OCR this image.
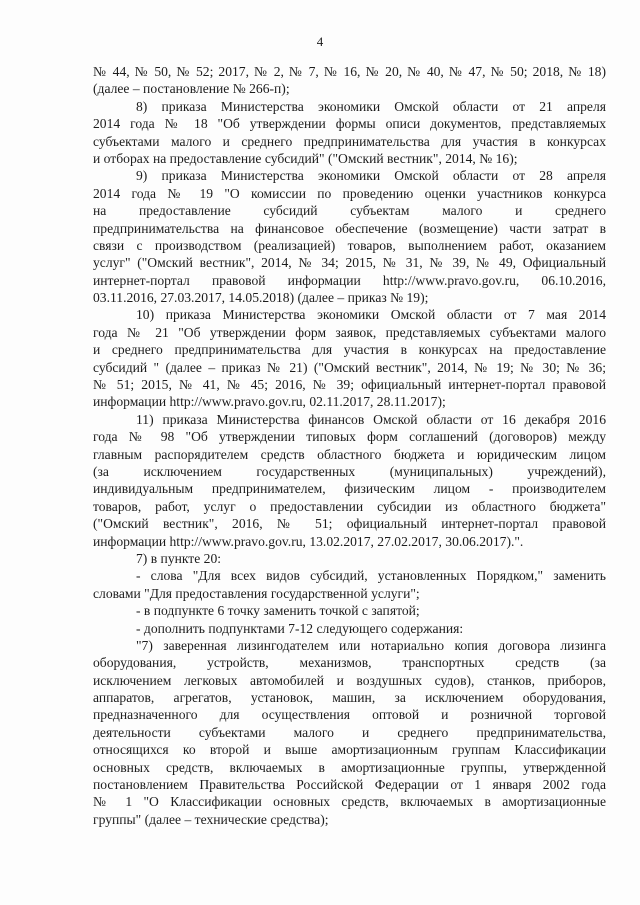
4
№ 44, № 50, № 52; 2017, № 2, № 7, № 16, № 20, № 40, № 47, № 50; 2018, № 18)
(далее – постановление № 266-п);
8) приказа Министерства экономики Омской области от 21 апреля
2014 года № 18 "Об утверждении формы описи документов, представляемых
субъектами малого и среднего предпринимательства для участия в конкурсах
и отборах на предоставление субсидий" ("Омский вестник", 2014, № 16);
9) приказа Министерства экономики Омской области от 28 апреля
2014 года № 19 "О комиссии по проведению оценки участников конкурса
на предоставление субсидий субъектам малого и среднего
предпринимательства на финансовое обеспечение (возмещение) части затрат в
связи с производством (реализацией) товаров, выполнением работ, оказанием
услуг" ("Омский вестник", 2014, № 34; 2015, № 31, № 39, № 49, Официальный
интернет-портал правовой информации http://www.pravo.gov.ru, 06.10.2016,
03.11.2016, 27.03.2017, 14.05.2018) (далее – приказ № 19);
10) приказа Министерства экономики Омской области от 7 мая 2014
года № 21 "Об утверждении форм заявок, представляемых субъектами малого
и среднего предпринимательства для участия в конкурсах на предоставление
субсидий " (далее – приказ № 21) ("Омский вестник", 2014, № 19; № 30; № 36;
№ 51; 2015, № 41, № 45; 2016, № 39; официальный интернет-портал правовой
информации http://www.pravo.gov.ru, 02.11.2017, 28.11.2017);
11) приказа Министерства финансов Омской области от 16 декабря 2016
года № 98 "Об утверждении типовых форм соглашений (договоров) между
главным распорядителем средств областного бюджета и юридическим лицом
(за исключением государственных (муниципальных) учреждений),
индивидуальным предпринимателем, физическим лицом - производителем
товаров, работ, услуг о предоставлении субсидии из областного бюджета"
("Омский вестник", 2016, № 51; официальный интернет-портал правовой
информации http://www.pravo.gov.ru, 13.02.2017, 27.02.2017, 30.06.2017).".
7) в пункте 20:
- слова "Для всех видов субсидий, установленных Порядком," заменить
словами "Для предоставления государственной услуги";
- в подпункте 6 точку заменить точкой с запятой;
- дополнить подпунктами 7-12 следующего содержания:
"7) заверенная лизингодателем или нотариально копия договора лизинга
оборудования, устройств, механизмов, транспортных средств (за
исключением легковых автомобилей и воздушных судов), станков, приборов,
аппаратов, агрегатов, установок, машин, за исключением оборудования,
предназначенного для осуществления оптовой и розничной торговой
деятельности субъектами малого и среднего предпринимательства,
относящихся ко второй и выше амортизационным группам Классификации
основных средств, включаемых в амортизационные группы, утвержденной
постановлением Правительства Российской Федерации от 1 января 2002 года
№ 1 "О Классификации основных средств, включаемых в амортизационные
группы" (далее – технические средства);
